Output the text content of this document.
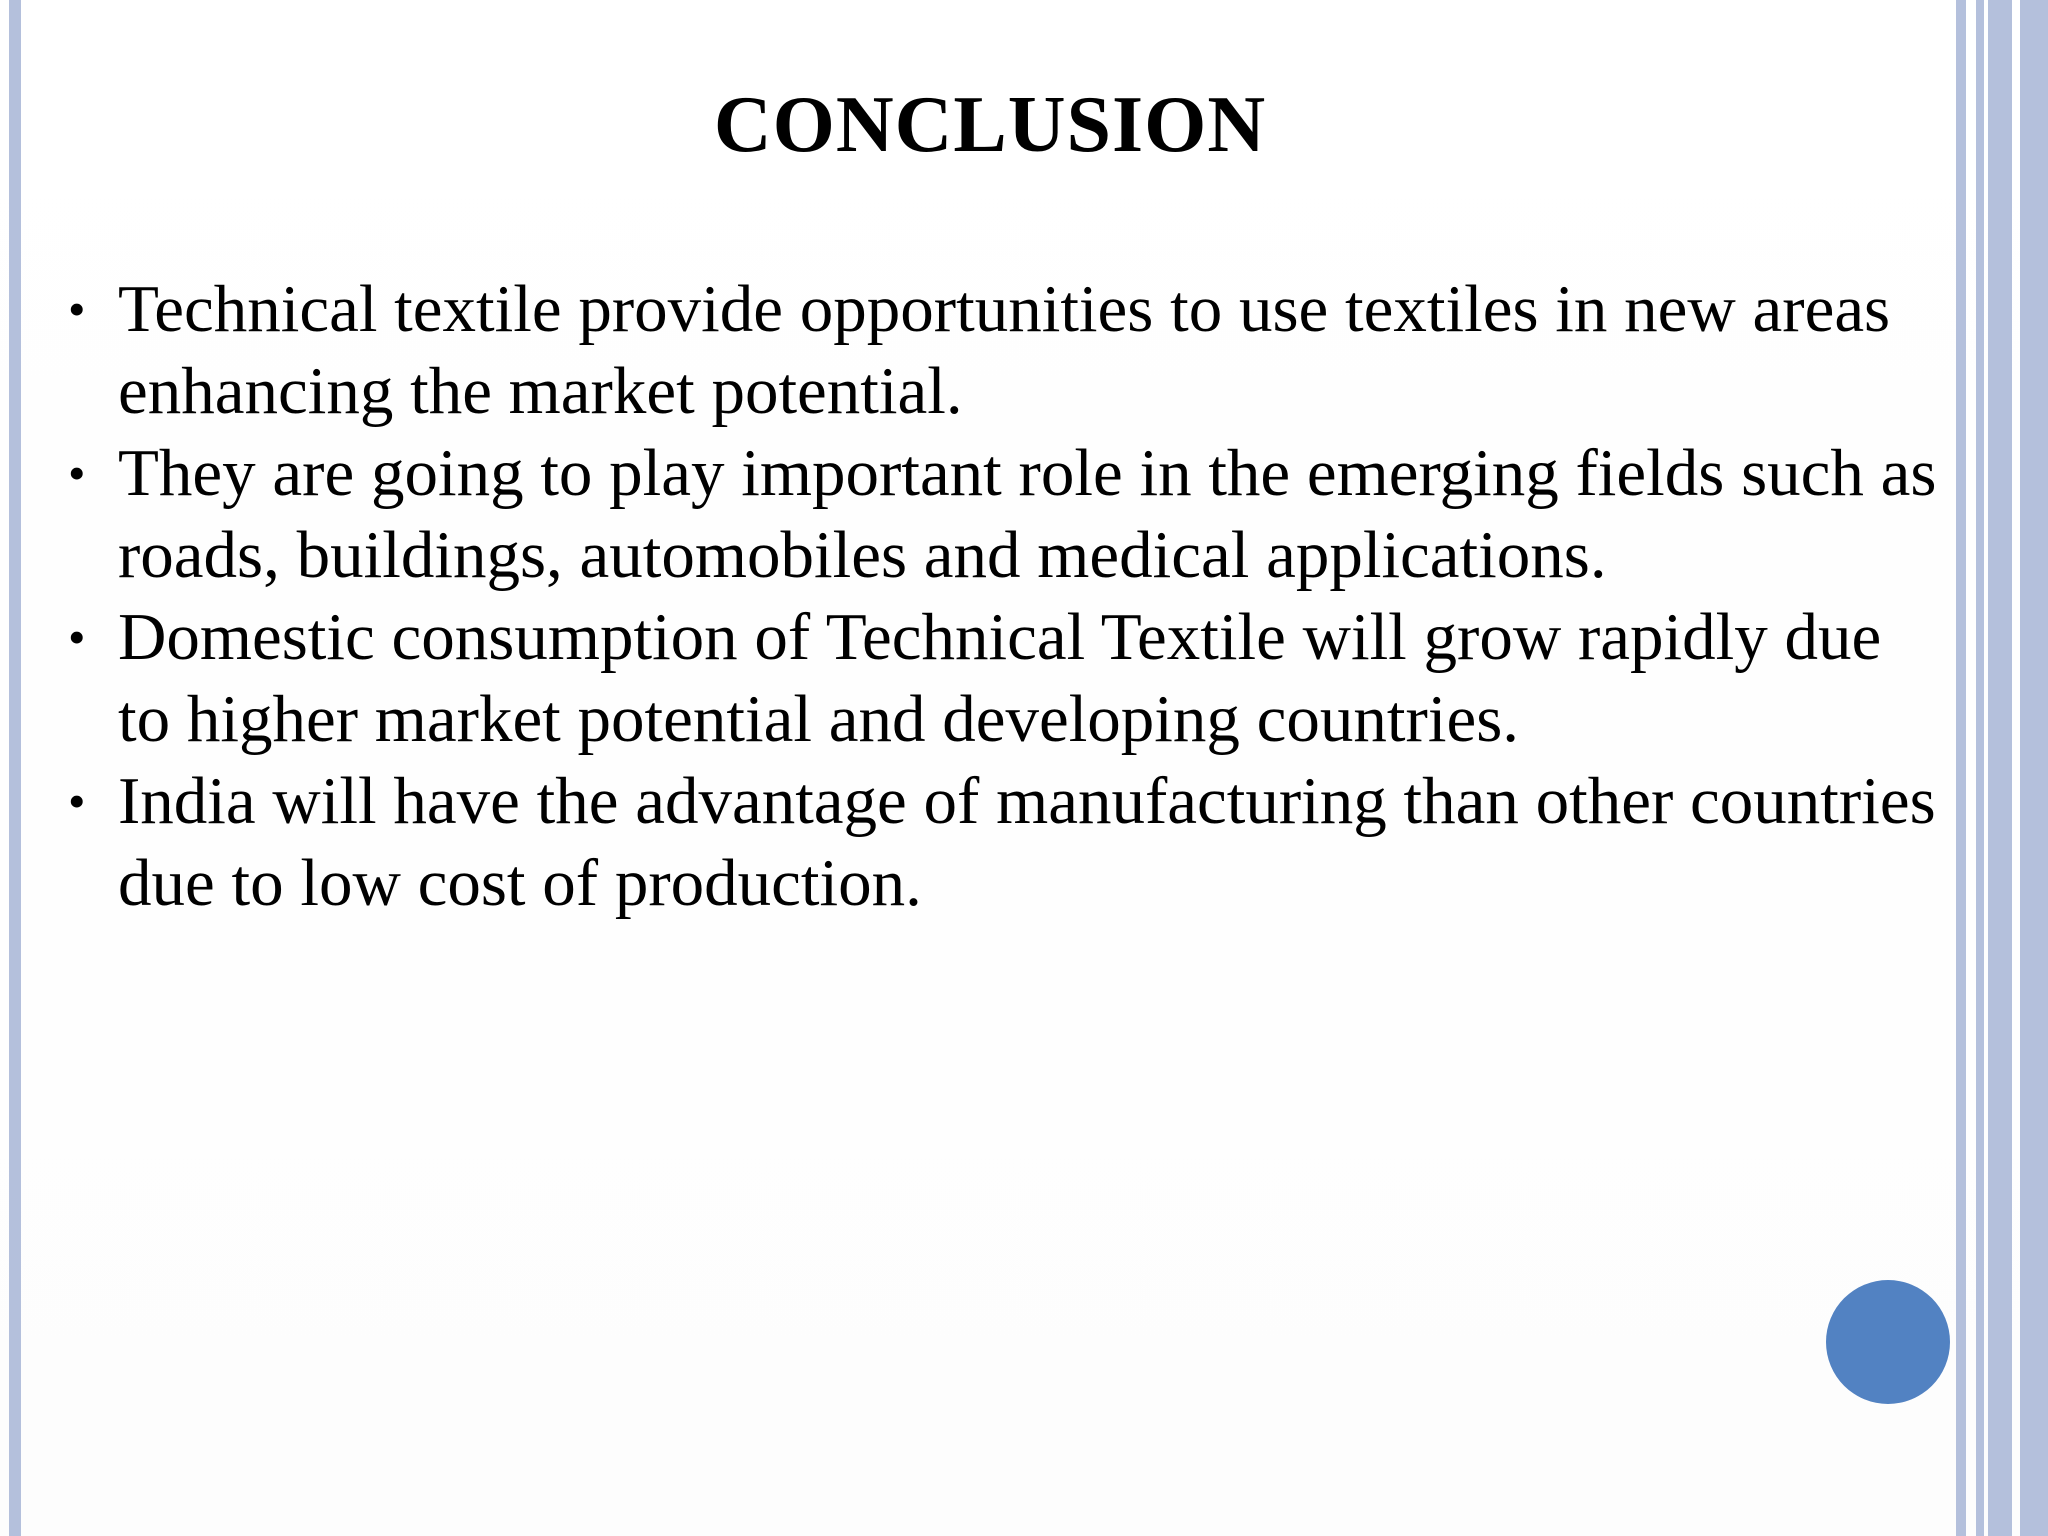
CONCLUSION
• Technical textile provide opportunities to use textiles in new areas enhancing the market potential.
• They are going to play important role in the emerging fields such as roads, buildings, automobiles and medical applications.
• Domestic consumption of Technical Textile will grow rapidly due to higher market potential and developing countries.
• India will have the advantage of manufacturing than other countries due to low cost of production.
